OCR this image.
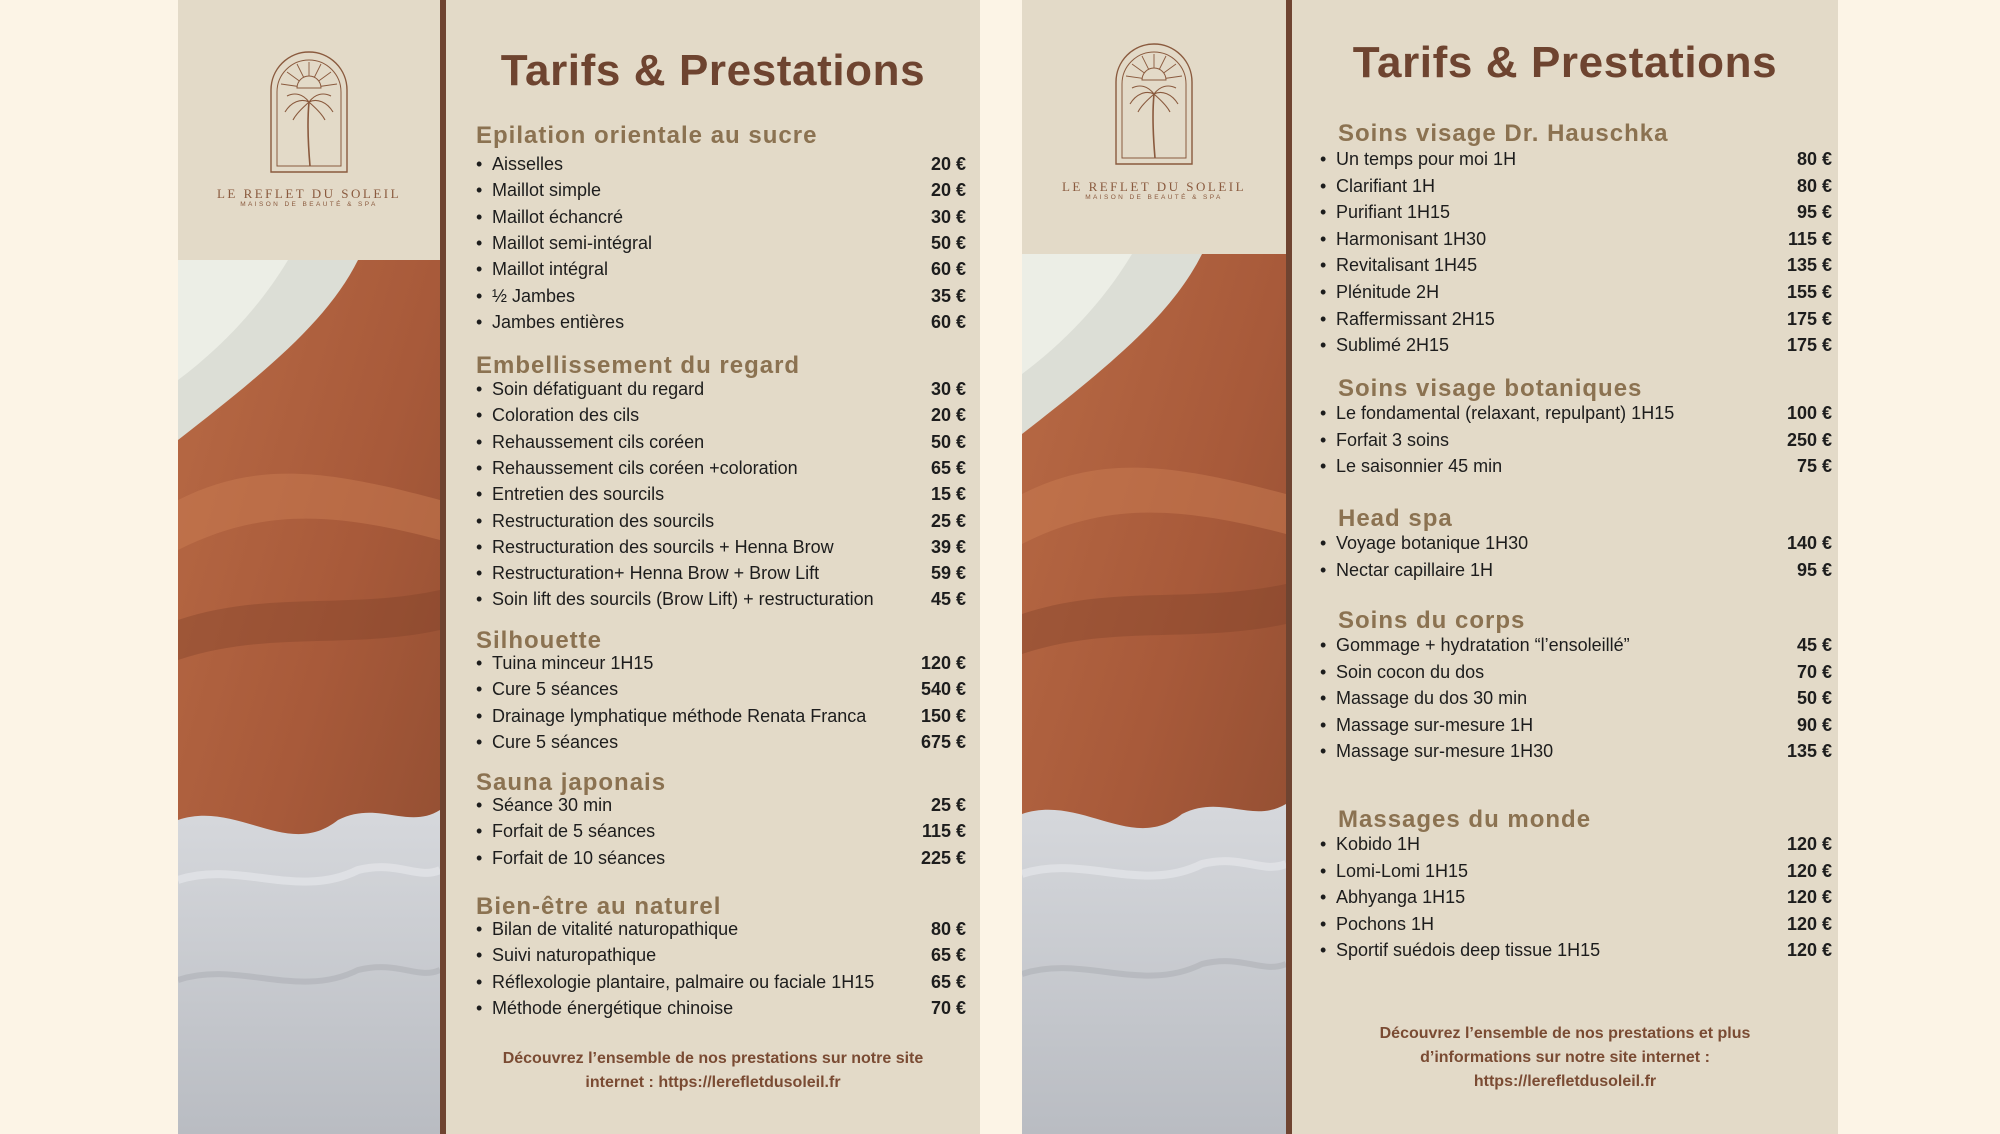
LE REFLET DU SOLEIL
MAISON DE BEAUTÉ & SPA
Tarifs & Prestations
Epilation orientale au sucre
• Aisselles	20 €
• Maillot simple	20 €
• Maillot échancré	30 €
• Maillot semi-intégral	50 €
• Maillot intégral	60 €
• ½ Jambes	35 €
• Jambes entières	60 €
Embellissement du regard
• Soin défatiguant du regard	30 €
• Coloration des cils	20 €
• Rehaussement cils coréen	50 €
• Rehaussement cils coréen +coloration	65 €
• Entretien des sourcils	15 €
• Restructuration des sourcils	25 €
• Restructuration des sourcils + Henna Brow	39 €
• Restructuration+ Henna Brow + Brow Lift	59 €
• Soin lift des sourcils (Brow Lift) + restructuration	45 €
Silhouette
• Tuina minceur 1H15	120 €
• Cure 5 séances	540 €
• Drainage lymphatique méthode Renata Franca	150 €
• Cure 5 séances	675 €
Sauna japonais
• Séance 30 min	25 €
• Forfait de 5 séances	115 €
• Forfait de 10 séances	225 €
Bien-être au naturel
• Bilan de vitalité naturopathique	80 €
• Suivi naturopathique	65 €
• Réflexologie plantaire, palmaire ou faciale 1H15	65 €
• Méthode énergétique chinoise	70 €
Découvrez l’ensemble de nos prestations sur notre site
internet : https://lerefletdusoleil.fr
LE REFLET DU SOLEIL
MAISON DE BEAUTÉ & SPA
Tarifs & Prestations
Soins visage Dr. Hauschka
• Un temps pour moi 1H	80 €
• Clarifiant 1H	80 €
• Purifiant 1H15	95 €
• Harmonisant 1H30	115 €
• Revitalisant 1H45	135 €
• Plénitude 2H	155 €
• Raffermissant 2H15	175 €
• Sublimé 2H15	175 €
Soins visage botaniques
• Le fondamental (relaxant, repulpant) 1H15	100 €
• Forfait 3 soins	250 €
• Le saisonnier 45 min	75 €
Head spa
• Voyage botanique 1H30	140 €
• Nectar capillaire 1H	95 €
Soins du corps
• Gommage + hydratation “l’ensoleillé”	45 €
• Soin cocon du dos	70 €
• Massage du dos 30 min	50 €
• Massage sur-mesure 1H	90 €
• Massage sur-mesure 1H30	135 €
Massages du monde
• Kobido 1H	120 €
• Lomi-Lomi 1H15	120 €
• Abhyanga 1H15	120 €
• Pochons 1H	120 €
• Sportif suédois deep tissue 1H15	120 €
Découvrez l’ensemble de nos prestations et plus
d’informations sur notre site internet :
https://lerefletdusoleil.fr
